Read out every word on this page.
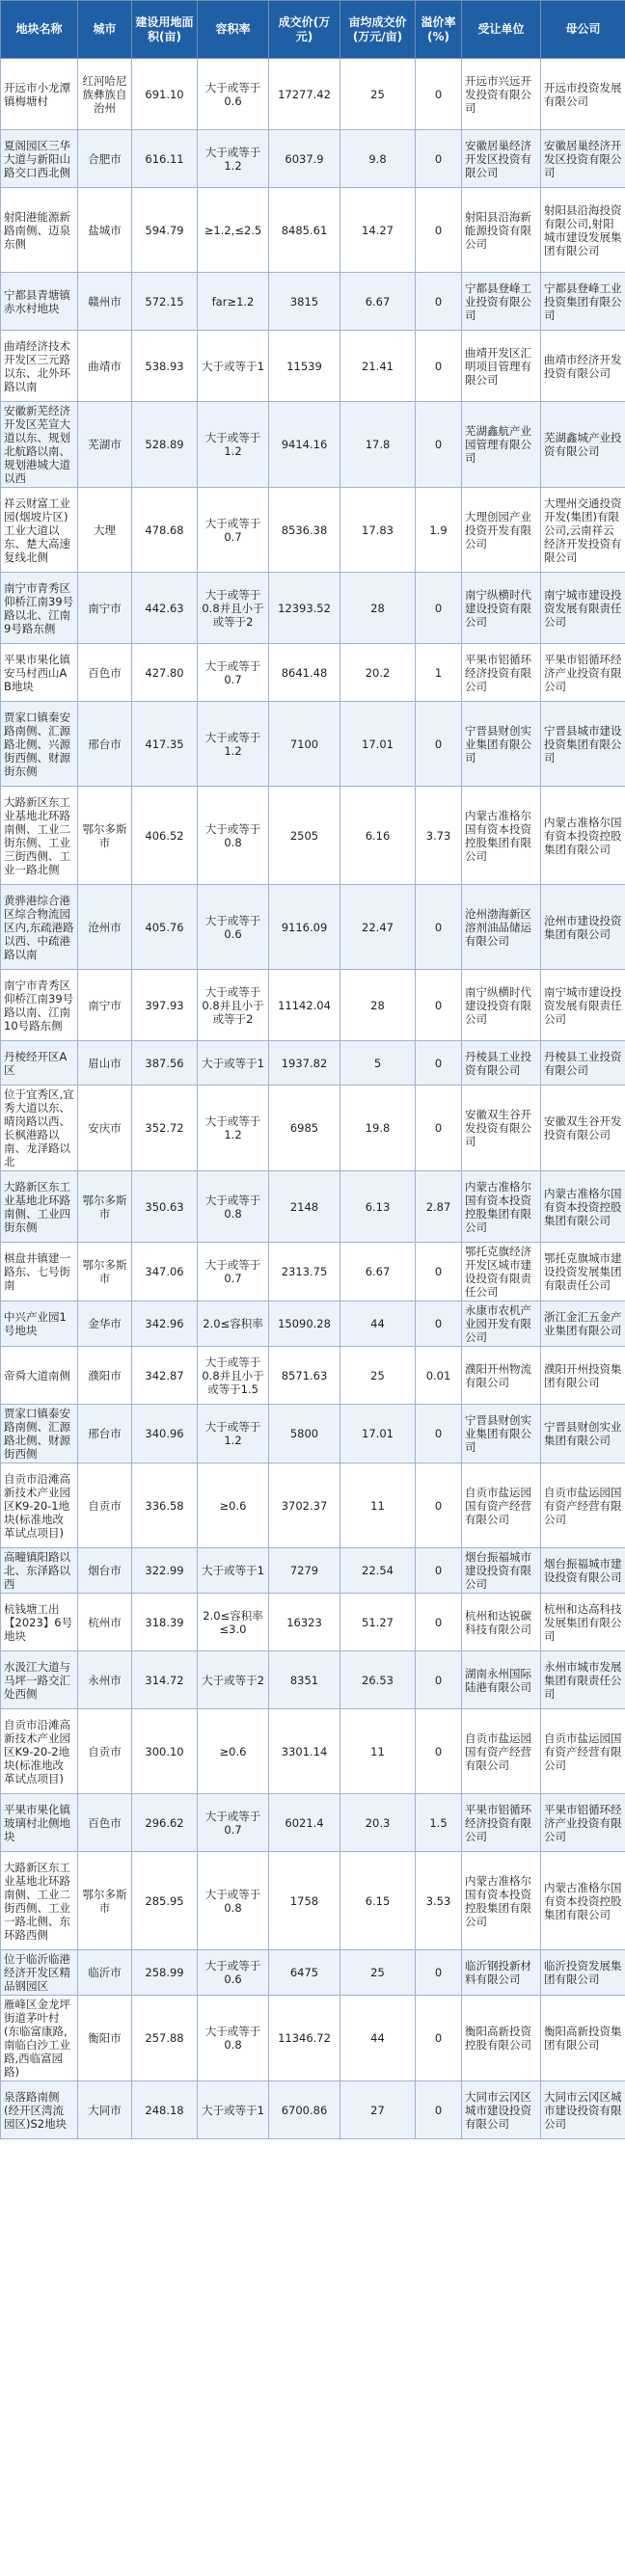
地块名称	城市	建设用地面积(亩)	容积率	成交价(万元)	亩均成交价(万元/亩)	溢价率(%)	受让单位	母公司
开远市小龙潭镇梅塘村	红河哈尼族彝族自治州	691.10	大于或等于0.6	17277.42	25	0	开远市兴远开发投资有限公司	开远市投资发展有限公司
夏阁园区三华大道与新阳山路交口西北侧	合肥市	616.11	大于或等于1.2	6037.9	9.8	0	安徽居巢经济开发区投资有限公司	安徽居巢经济开发区投资有限公司
射阳港能源新路南侧、迈泉东侧	盐城市	594.79	≥1.2,≤2.5	8485.61	14.27	0	射阳县沿海新能源投资有限公司	射阳县沿海投资有限公司,射阳城市建设发展集团有限公司
宁都县青塘镇赤水村地块	赣州市	572.15	far≥1.2	3815	6.67	0	宁都县登峰工业投资有限公司	宁都县登峰工业投资集团有限公司
曲靖经济技术开发区三元路以东、北外环路以南	曲靖市	538.93	大于或等于1	11539	21.41	0	曲靖开发区汇明项目管理有限公司	曲靖市经济开发投资有限公司
安徽新芜经济开发区芜宣大道以东、规划北航路以南、规划港城大道以西	芜湖市	528.89	大于或等于1.2	9414.16	17.8	0	芜湖鑫航产业园管理有限公司	芜湖鑫城产业投资有限公司
祥云财富工业园(烟坡片区)工业大道以东、楚大高速复线北侧	大理	478.68	大于或等于0.7	8536.38	17.83	1.9	大理创园产业投资开发有限公司	大理州交通投资开发(集团)有限公司,云南祥云经济开发投资有限公司
南宁市青秀区仰桥江南39号路以北、江南9号路东侧	南宁市	442.63	大于或等于0.8并且小于或等于2	12393.52	28	0	南宁纵横时代建设投资有限公司	南宁城市建设投资发展有限责任公司
平果市果化镇安马村西山AB地块	百色市	427.80	大于或等于0.7	8641.48	20.2	1	平果市铝循环经济投资有限公司	平果市铝循环经济产业投资有限公司
贾家口镇秦安路南侧、汇源路北侧、兴源街西侧、财源街东侧	邢台市	417.35	大于或等于1.2	7100	17.01	0	宁晋县财创实业集团有限公司	宁晋县城市建设投资集团有限公司
大路新区东工业基地北环路南侧、工业二街东侧、工业三街西侧、工业一路北侧	鄂尔多斯市	406.52	大于或等于0.8	2505	6.16	3.73	内蒙古准格尔国有资本投资控股集团有限公司	内蒙古准格尔国有资本投资控股集团有限公司
黄骅港综合港区综合物流园区内,东疏港路以西、中疏港路以南	沧州市	405.76	大于或等于0.6	9116.09	22.47	0	沧州渤海新区溶剂油品储运有限公司	沧州市建设投资集团有限公司
南宁市青秀区仰桥江南39号路以南、江南10号路东侧	南宁市	397.93	大于或等于0.8并且小于或等于2	11142.04	28	0	南宁纵横时代建设投资有限公司	南宁城市建设投资发展有限责任公司
丹棱经开区A区	眉山市	387.56	大于或等于1	1937.82	5	0	丹棱县工业投资有限公司	丹棱县工业投资有限公司
位于宜秀区,宜秀大道以东、晴岗路以西、长枫港路以南、龙泽路以北	安庆市	352.72	大于或等于1.2	6985	19.8	0	安徽双生谷开发投资有限公司	安徽双生谷开发投资有限公司
大路新区东工业基地北环路南侧、工业四街东侧	鄂尔多斯市	350.63	大于或等于0.8	2148	6.13	2.87	内蒙古准格尔国有资本投资控股集团有限公司	内蒙古准格尔国有资本投资控股集团有限公司
棋盘井镇建一路东、七号街南	鄂尔多斯市	347.06	大于或等于0.7	2313.75	6.67	0	鄂托克旗经济开发区城市建设投资有限责任公司	鄂托克旗城市建设投资发展集团有限责任公司
中兴产业园1号地块	金华市	342.96	2.0≤容积率	15090.28	44	0	永康市农机产业园开发有限公司	浙江金汇五金产业集团有限公司
帝舜大道南侧	濮阳市	342.87	大于或等于0.8并且小于或等于1.5	8571.63	25	0.01	濮阳开州物流有限公司	濮阳开州投资集团有限公司
贾家口镇泰安路南侧、汇源路北侧、财源街西侧	邢台市	340.96	大于或等于1.2	5800	17.01	0	宁晋县财创实业集团有限公司	宁晋县财创实业集团有限公司
自贡市沿滩高新技术产业园区K9-20-1地块(标准地改革试点项目)	自贡市	336.58	≥0.6	3702.37	11	0	自贡市盐运园国有资产经营有限公司	自贡市盐运园国有资产经营有限公司
高疃镇阳路以北、东泽路以西	烟台市	322.99	大于或等于1	7279	22.54	0	烟台振福城市建设投资有限公司	烟台振福城市建设投资有限公司
杭钱塘工出【2023】6号地块	杭州市	318.39	2.0≤容积率≤3.0	16323	51.27	0	杭州和达锐碳科技有限公司	杭州和达高科技发展集团有限公司
水汲江大道与马坪一路交汇处西侧	永州市	314.72	大于或等于2	8351	26.53	0	湖南永州国际陆港有限公司	永州市城市发展集团有限责任公司
自贡市沿滩高新技术产业园区K9-20-2地块(标准地改革试点项目)	自贡市	300.10	≥0.6	3301.14	11	0	自贡市盐运园国有资产经营有限公司	自贡市盐运园国有资产经营有限公司
平果市果化镇玻璃村北侧地块	百色市	296.62	大于或等于0.7	6021.4	20.3	1.5	平果市铝循环经济投资有限公司	平果市铝循环经济产业投资有限公司
大路新区东工业基地北环路南侧、工业二街西侧、工业一路北侧、东环路西侧	鄂尔多斯市	285.95	大于或等于0.8	1758	6.15	3.53	内蒙古准格尔国有资本投资控股集团有限公司	内蒙古准格尔国有资本投资控股集团有限公司
位于临沂临港经济开发区精品钢园区	临沂市	258.99	大于或等于0.6	6475	25	0	临沂钢投新材料有限公司	临沂投资发展集团有限公司
雁峰区金龙坪街道茅叶村(东临富康路,南临白沙工业路,西临富园路)	衡阳市	257.88	大于或等于0.8	11346.72	44	0	衡阳高新投资控股有限公司	衡阳高新投资集团有限公司
泉落路南侧(经开区湾流园区)S2地块	大同市	248.18	大于或等于1	6700.86	27	0	大同市云冈区城市建设投资有限公司	大同市云冈区城市建设投资有限公司
